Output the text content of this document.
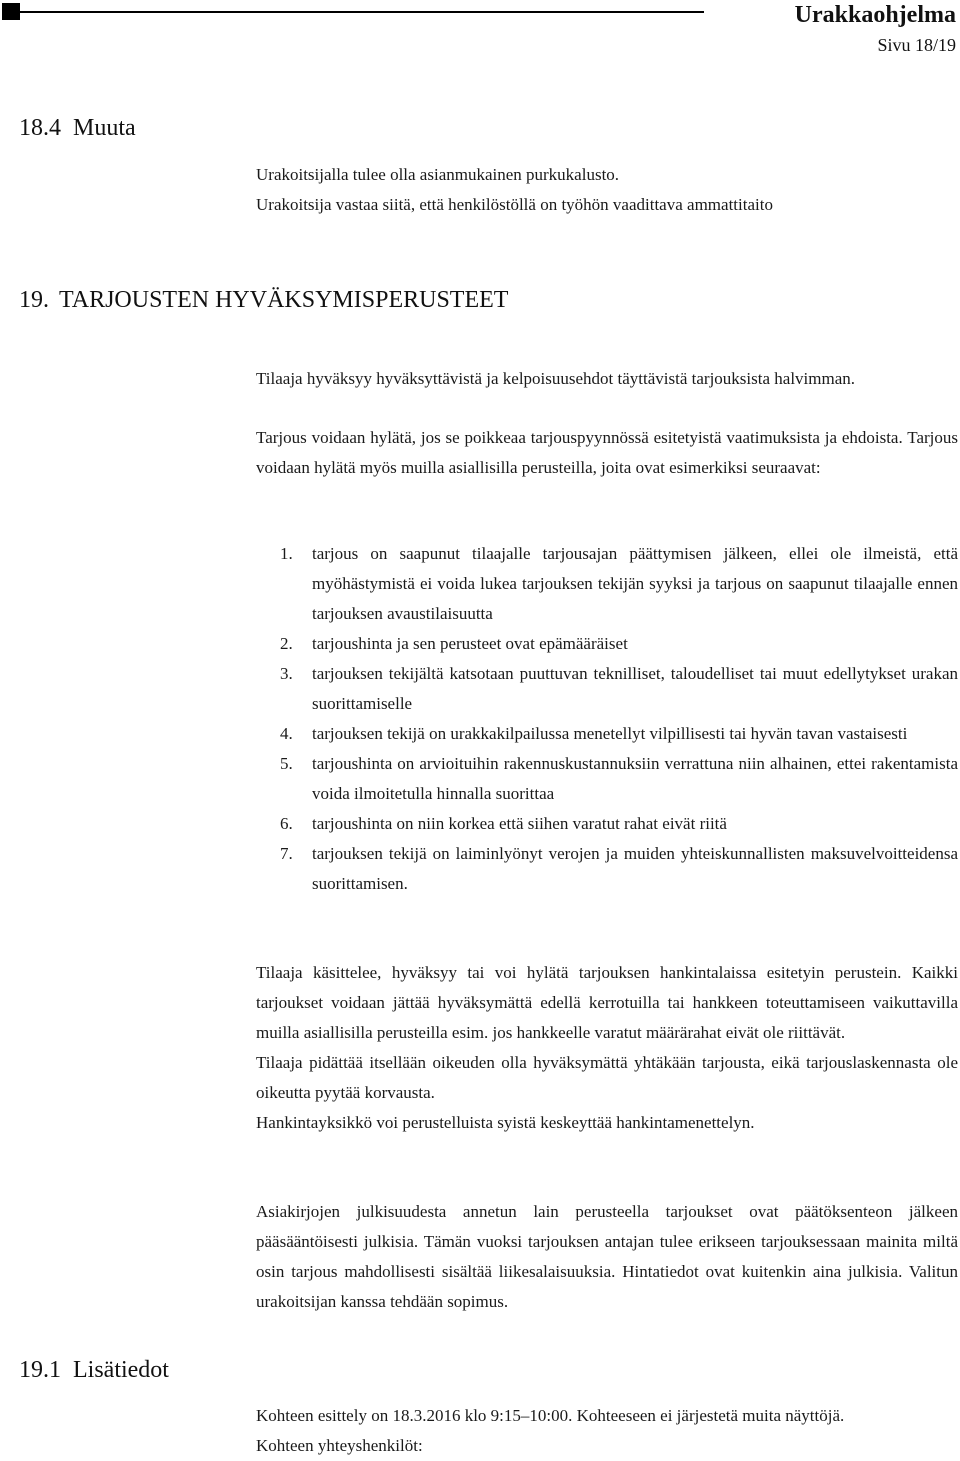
Urakkaohjelma
Sivu 18/19
18.4 Muuta
Urakoitsijalla tulee olla asianmukainen purkukalusto.
Urakoitsija vastaa siitä, että henkilöstöllä on työhön vaadittava ammattitaito
19. TARJOUSTEN HYVÄKSYMISPERUSTEET
Tilaaja hyväksyy hyväksyttävistä ja kelpoisuusehdot täyttävistä tarjouksista halvimman.
Tarjous voidaan hylätä, jos se poikkeaa tarjouspyynnössä esitetyistä vaatimuksista ja ehdoista. Tarjous voidaan hylätä myös muilla asiallisilla perusteilla, joita ovat esimerkiksi seuraavat:
1. tarjous on saapunut tilaajalle tarjousajan päättymisen jälkeen, ellei ole ilmeistä, että myöhästymistä ei voida lukea tarjouksen tekijän syyksi ja tarjous on saapunut tilaajalle ennen tarjouksen avaustilaisuutta
2. tarjoushinta ja sen perusteet ovat epämääräiset
3. tarjouksen tekijältä katsotaan puuttuvan teknilliset, taloudelliset tai muut edellytykset urakan suorittamiselle
4. tarjouksen tekijä on urakkakilpailussa menetellyt vilpillisesti tai hyvän tavan vastaisesti
5. tarjoushinta on arvioituihin rakennuskustannuksiin verrattuna niin alhainen, ettei rakentamista voida ilmoitetulla hinnalla suorittaa
6. tarjoushinta on niin korkea että siihen varatut rahat eivät riitä
7. tarjouksen tekijä on laiminlyönyt verojen ja muiden yhteiskunnallisten maksuvelvoitteidensa suorittamisen.
Tilaaja käsittelee, hyväksyy tai voi hylätä tarjouksen hankintalaissa esitetyin perustein. Kaikki tarjoukset voidaan jättää hyväksymättä edellä kerrotuilla tai hankkeen toteuttamiseen vaikuttavilla muilla asiallisilla perusteilla esim. jos hankkeelle varatut määrärahat eivät ole riittävät.
Tilaaja pidättää itsellään oikeuden olla hyväksymättä yhtäkään tarjousta, eikä tarjouslaskennasta ole oikeutta pyytää korvausta.
Hankintayksikkö voi perustelluista syistä keskeyttää hankintamenettelyn.
Asiakirjojen julkisuudesta annetun lain perusteella tarjoukset ovat päätöksenteon jälkeen pääsääntöisesti julkisia. Tämän vuoksi tarjouksen antajan tulee erikseen tarjouksessaan mainita miltä osin tarjous mahdollisesti sisältää liikesalaisuuksia. Hintatiedot ovat kuitenkin aina julkisia. Valitun urakoitsijan kanssa tehdään sopimus.
19.1 Lisätiedot
Kohteen esittely on 18.3.2016 klo 9:15–10:00. Kohteeseen ei järjestetä muita näyttöjä.
Kohteen yhteyshenkilöt:
